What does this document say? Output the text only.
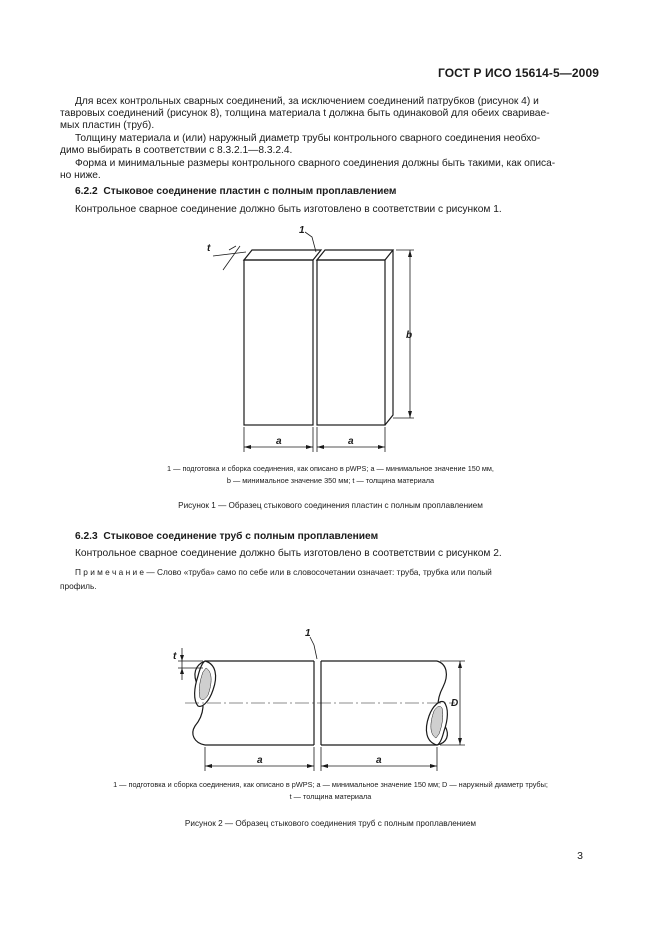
ГОСТ Р ИСО 15614-5—2009
Для всех контрольных сварных соединений, за исключением соединений патрубков (рисунок 4) и
тавровых соединений (рисунок 8), толщина материала t должна быть одинаковой для обеих свариваe-
мых пластин (труб).
Толщину материала и (или) наружный диаметр трубы контрольного сварного соединения необхо-
димо выбирать в соответствии с 8.3.2.1—8.3.2.4.
Форма и минимальные размеры контрольного сварного соединения должны быть такими, как описа-
но ниже.
6.2.2 Стыковое соединение пластин с полным проплавлением
Контрольное сварное соединение должно быть изготовлено в соответствии с рисунком 1.
1
t
b
a	a
1 — подготовка и сборка соединения, как описано в pWPS; a — минимальное значение 150 мм,
b — минимальное значение 350 мм; t — толщина материала
Рисунок 1 — Образец стыкового соединения пластин с полным проплавлением
6.2.3 Стыковое соединение труб с полным проплавлением
Контрольное сварное соединение должно быть изготовлено в соответствии с рисунком 2.
П р и м е ч а н и е — Слово «труба» само по себе или в словосочетании означает: труба, трубка или полый
профиль.
1
t
D
a	a
1 — подготовка и сборка соединения, как описано в pWPS; a — минимальное значение 150 мм; D — наружный диаметр трубы;
t — толщина материала
Рисунок 2 — Образец стыкового соединения труб с полным проплавлением
3
